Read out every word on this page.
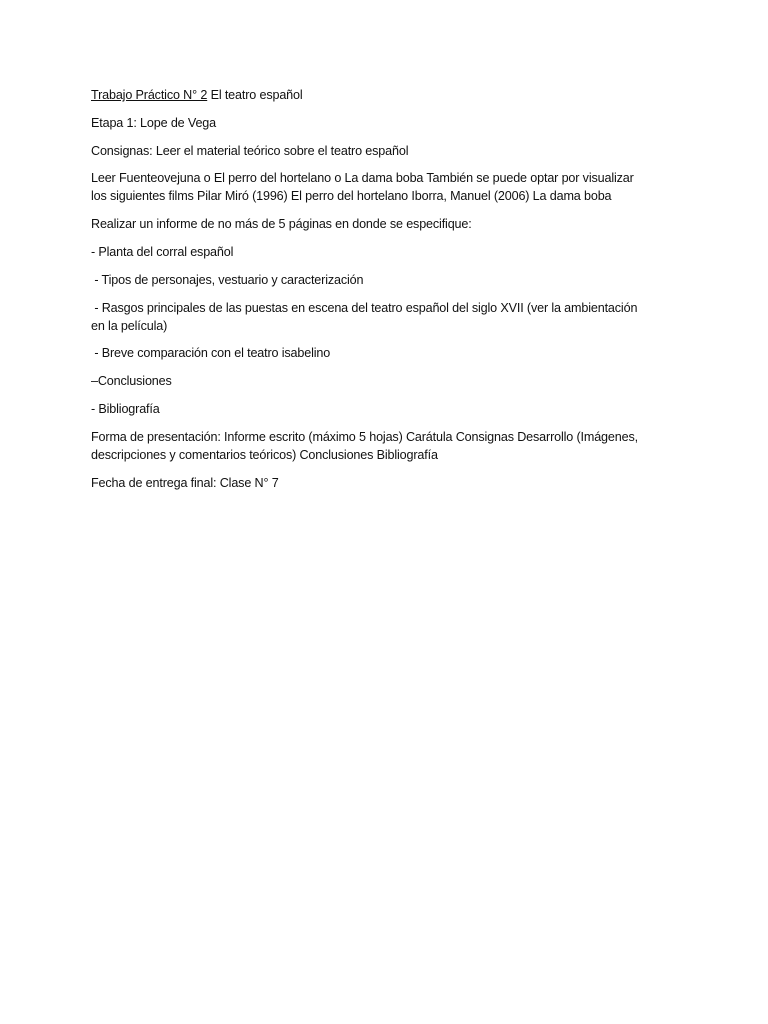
Trabajo Práctico N° 2 El teatro español

Etapa 1: Lope de Vega

Consignas: Leer el material teórico sobre el teatro español

Leer Fuenteovejuna o El perro del hortelano o La dama boba También se puede optar por visualizar
los siguientes films Pilar Miró (1996) El perro del hortelano Iborra, Manuel (2006) La dama boba

Realizar un informe de no más de 5 páginas en donde se especifique:

- Planta del corral español

- Tipos de personajes, vestuario y caracterización

- Rasgos principales de las puestas en escena del teatro español del siglo XVII (ver la ambientación
en la película)

- Breve comparación con el teatro isabelino

–Conclusiones

- Bibliografía

Forma de presentación: Informe escrito (máximo 5 hojas) Carátula Consignas Desarrollo (Imágenes,
descripciones y comentarios teóricos) Conclusiones Bibliografía

Fecha de entrega final: Clase N° 7
